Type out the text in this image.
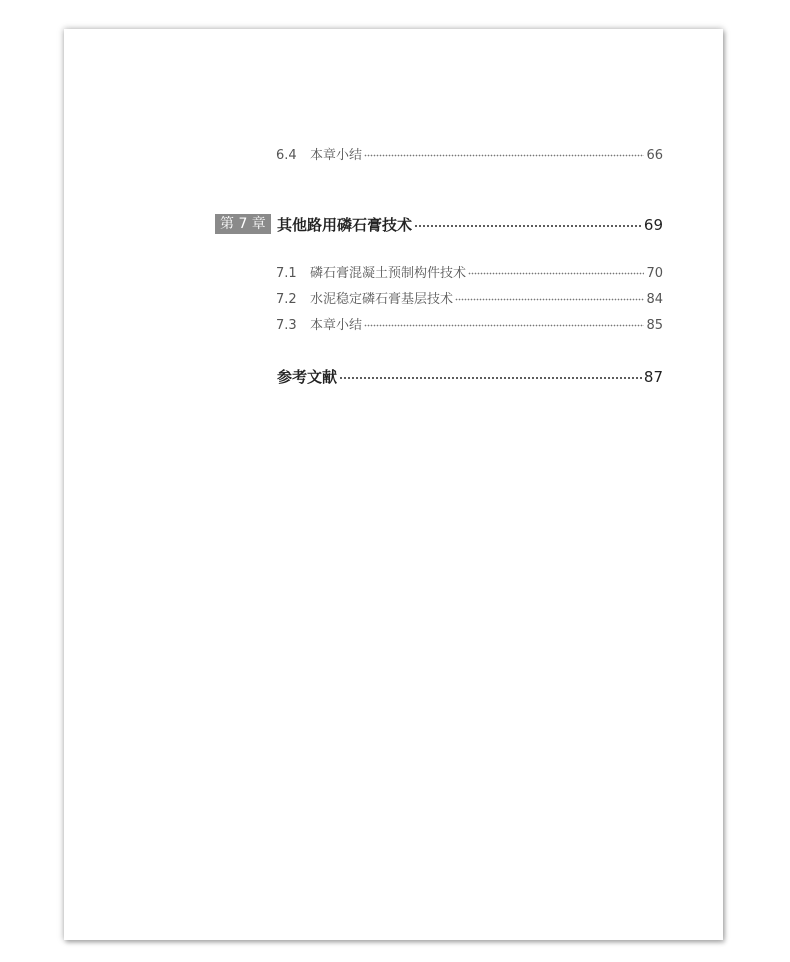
6.4	本章小结	66
第 7 章 其他路用磷石膏技术	69
7.1	磷石膏混凝土预制构件技术	70
7.2	水泥稳定磷石膏基层技术	84
7.3	本章小结	85
参考文献	87
